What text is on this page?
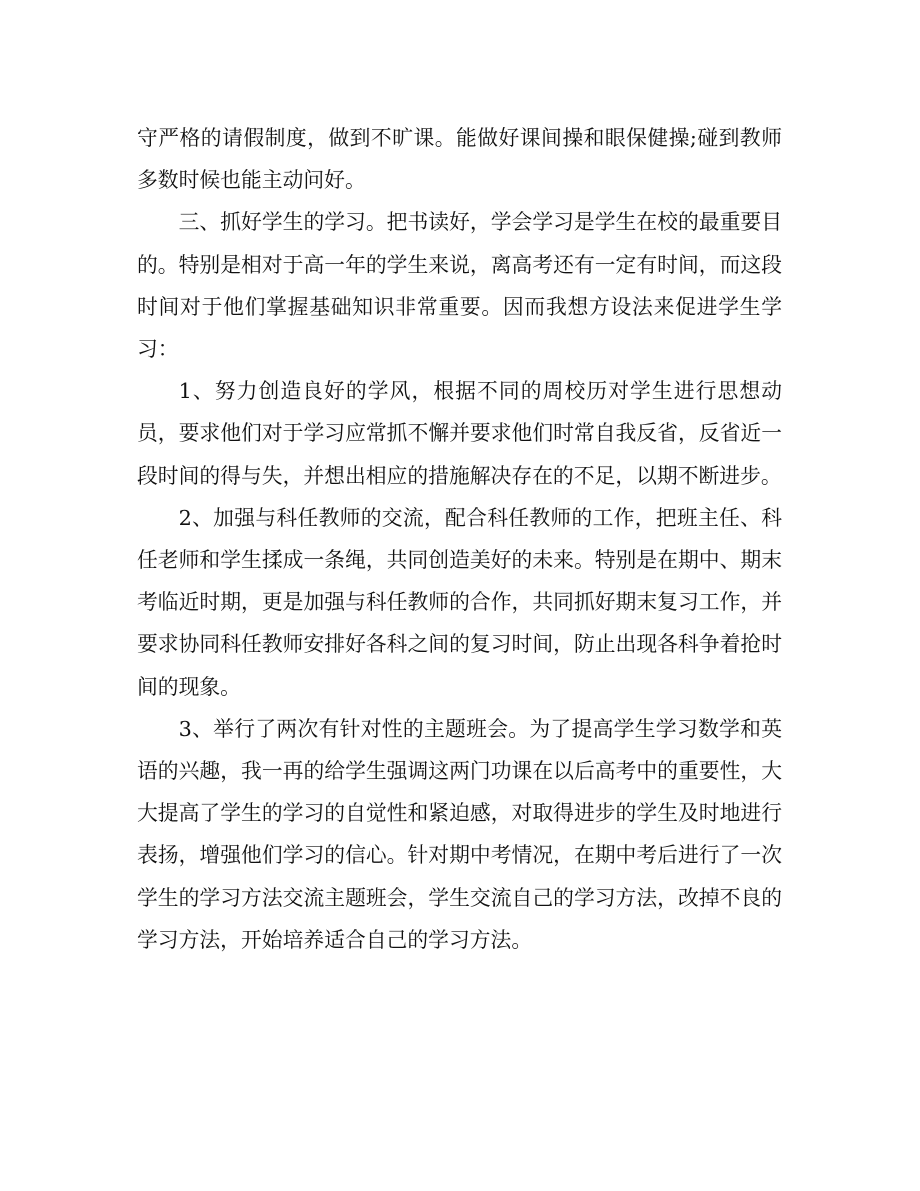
守严格的请假制度，做到不旷课。能做好课间操和眼保健操;碰到教师多数时候也能主动问好。

三、抓好学生的学习。把书读好，学会学习是学生在校的最重要目的。特别是相对于高一年的学生来说，离高考还有一定有时间，而这段时间对于他们掌握基础知识非常重要。因而我想方设法来促进学生学习：

1、努力创造良好的学风，根据不同的周校历对学生进行思想动员，要求他们对于学习应常抓不懈并要求他们时常自我反省，反省近一段时间的得与失，并想出相应的措施解决存在的不足，以期不断进步。

2、加强与科任教师的交流，配合科任教师的工作，把班主任、科任老师和学生揉成一条绳，共同创造美好的未来。特别是在期中、期末考临近时期，更是加强与科任教师的合作，共同抓好期末复习工作，并要求协同科任教师安排好各科之间的复习时间，防止出现各科争着抢时间的现象。

3、举行了两次有针对性的主题班会。为了提高学生学习数学和英语的兴趣，我一再的给学生强调这两门功课在以后高考中的重要性，大大提高了学生的学习的自觉性和紧迫感，对取得进步的学生及时地进行表扬，增强他们学习的信心。针对期中考情况，在期中考后进行了一次学生的学习方法交流主题班会，学生交流自己的学习方法，改掉不良的学习方法，开始培养适合自己的学习方法。
